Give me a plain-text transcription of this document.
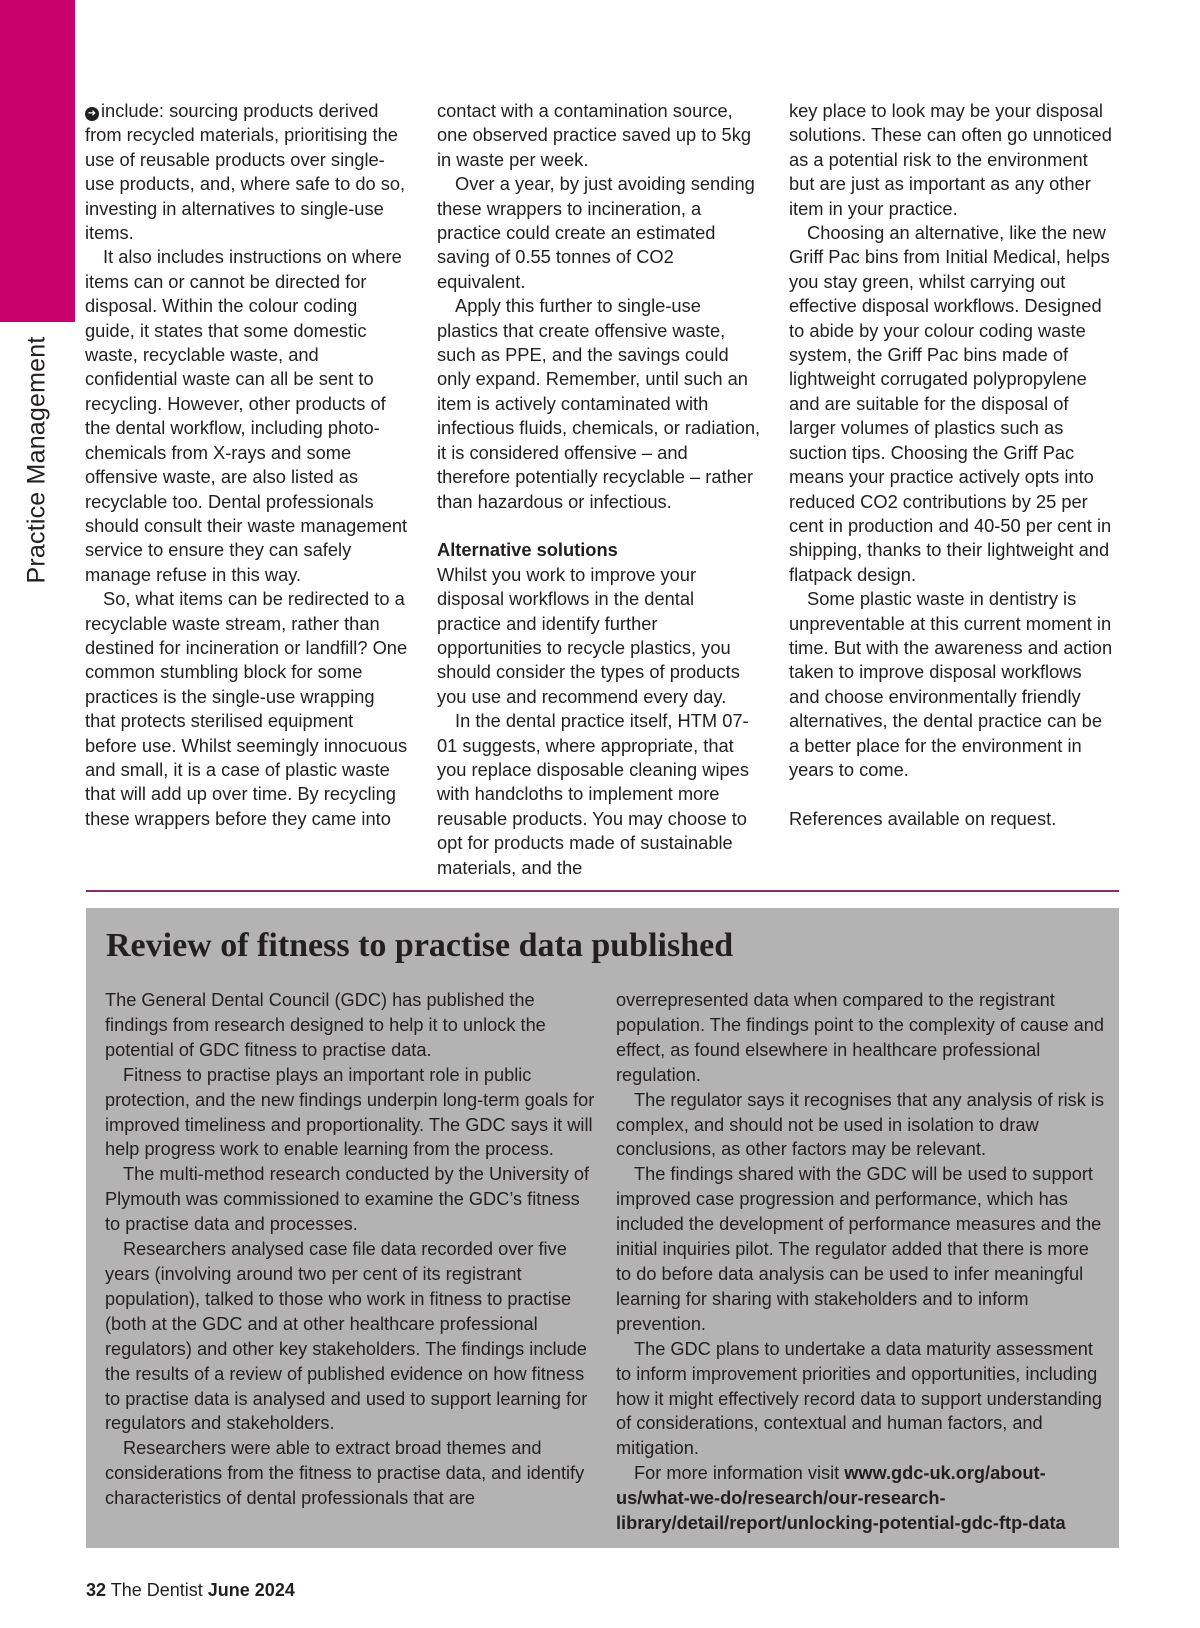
Practice Management

➜ include: sourcing products derived from recycled materials, prioritising the use of reusable products over single-use products, and, where safe to do so, investing in alternatives to single-use items.

It also includes instructions on where items can or cannot be directed for disposal. Within the colour coding guide, it states that some domestic waste, recyclable waste, and confidential waste can all be sent to recycling. However, other products of the dental workflow, including photo-chemicals from X-rays and some offensive waste, are also listed as recyclable too. Dental professionals should consult their waste management service to ensure they can safely manage refuse in this way.

So, what items can be redirected to a recyclable waste stream, rather than destined for incineration or landfill? One common stumbling block for some practices is the single-use wrapping that protects sterilised equipment before use. Whilst seemingly innocuous and small, it is a case of plastic waste that will add up over time. By recycling these wrappers before they came into

contact with a contamination source, one observed practice saved up to 5kg in waste per week.

Over a year, by just avoiding sending these wrappers to incineration, a practice could create an estimated saving of 0.55 tonnes of CO2 equivalent.

Apply this further to single-use plastics that create offensive waste, such as PPE, and the savings could only expand. Remember, until such an item is actively contaminated with infectious fluids, chemicals, or radiation, it is considered offensive – and therefore potentially recyclable – rather than hazardous or infectious.

Alternative solutions

Whilst you work to improve your disposal workflows in the dental practice and identify further opportunities to recycle plastics, you should consider the types of products you use and recommend every day.

In the dental practice itself, HTM 07-01 suggests, where appropriate, that you replace disposable cleaning wipes with handcloths to implement more reusable products. You may choose to opt for products made of sustainable materials, and the

key place to look may be your disposal solutions. These can often go unnoticed as a potential risk to the environment but are just as important as any other item in your practice.

Choosing an alternative, like the new Griff Pac bins from Initial Medical, helps you stay green, whilst carrying out effective disposal workflows. Designed to abide by your colour coding waste system, the Griff Pac bins made of lightweight corrugated polypropylene and are suitable for the disposal of larger volumes of plastics such as suction tips. Choosing the Griff Pac means your practice actively opts into reduced CO2 contributions by 25 per cent in production and 40-50 per cent in shipping, thanks to their lightweight and flatpack design.

Some plastic waste in dentistry is unpreventable at this current moment in time. But with the awareness and action taken to improve disposal workflows and choose environmentally friendly alternatives, the dental practice can be a better place for the environment in years to come.

References available on request.

Review of fitness to practise data published

The General Dental Council (GDC) has published the findings from research designed to help it to unlock the potential of GDC fitness to practise data.

Fitness to practise plays an important role in public protection, and the new findings underpin long-term goals for improved timeliness and proportionality. The GDC says it will help progress work to enable learning from the process.

The multi-method research conducted by the University of Plymouth was commissioned to examine the GDC’s fitness to practise data and processes.

Researchers analysed case file data recorded over five years (involving around two per cent of its registrant population), talked to those who work in fitness to practise (both at the GDC and at other healthcare professional regulators) and other key stakeholders. The findings include the results of a review of published evidence on how fitness to practise data is analysed and used to support learning for regulators and stakeholders.

Researchers were able to extract broad themes and considerations from the fitness to practise data, and identify characteristics of dental professionals that are

overrepresented data when compared to the registrant population. The findings point to the complexity of cause and effect, as found elsewhere in healthcare professional regulation.

The regulator says it recognises that any analysis of risk is complex, and should not be used in isolation to draw conclusions, as other factors may be relevant.

The findings shared with the GDC will be used to support improved case progression and performance, which has included the development of performance measures and the initial inquiries pilot. The regulator added that there is more to do before data analysis can be used to infer meaningful learning for sharing with stakeholders and to inform prevention.

The GDC plans to undertake a data maturity assessment to inform improvement priorities and opportunities, including how it might effectively record data to support understanding of considerations, contextual and human factors, and mitigation.

For more information visit www.gdc-uk.org/about-us/what-we-do/research/our-research-library/detail/report/unlocking-potential-gdc-ftp-data

32 The Dentist June 2024
